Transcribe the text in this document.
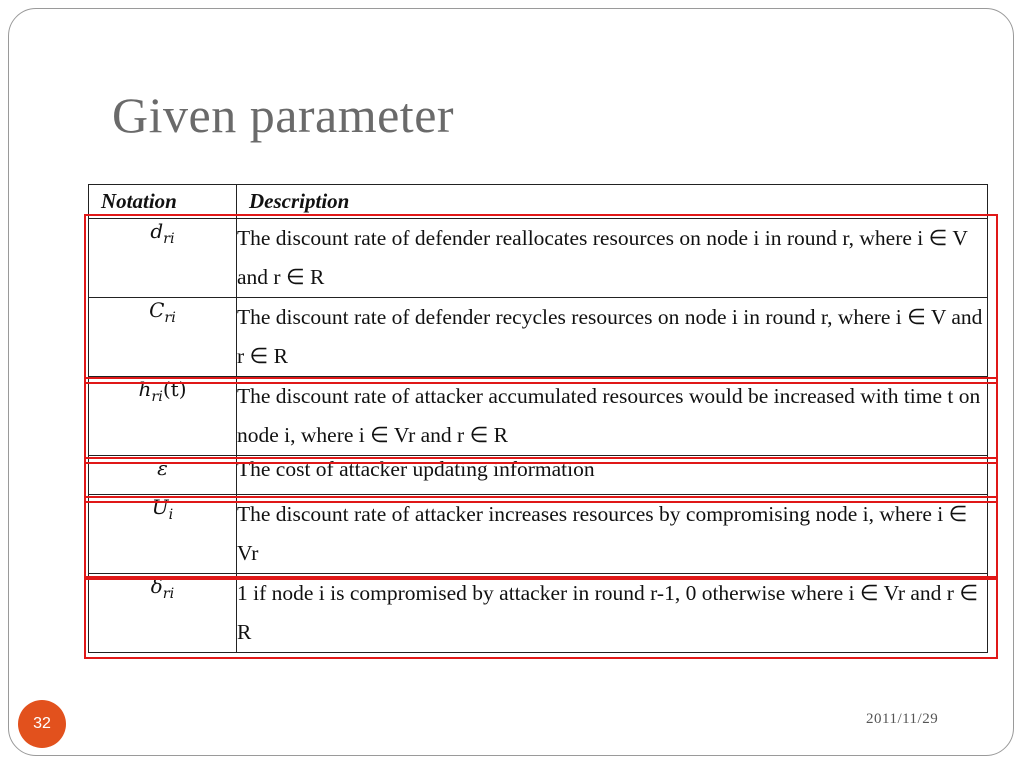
Given parameter
Notation	Description
$d_{ri}$	The discount rate of defender reallocates resources on node i in round r, where i ∈ V and r ∈ R
$C_{ri}$	The discount rate of defender recycles resources on node i in round r, where i ∈ V and r ∈ R
$h_{ri}(t)$	The discount rate of attacker accumulated resources would be increased with time t on node i, where i ∈ Vr and r ∈ R
ε	The cost of attacker updating information
$U_i$	The discount rate of attacker increases resources by compromising node i, where i ∈ Vr
$\delta_{ri}$	1 if node i is compromised by attacker in round r-1, 0 otherwise where i ∈ Vr and r ∈ R
32	2011/11/29
